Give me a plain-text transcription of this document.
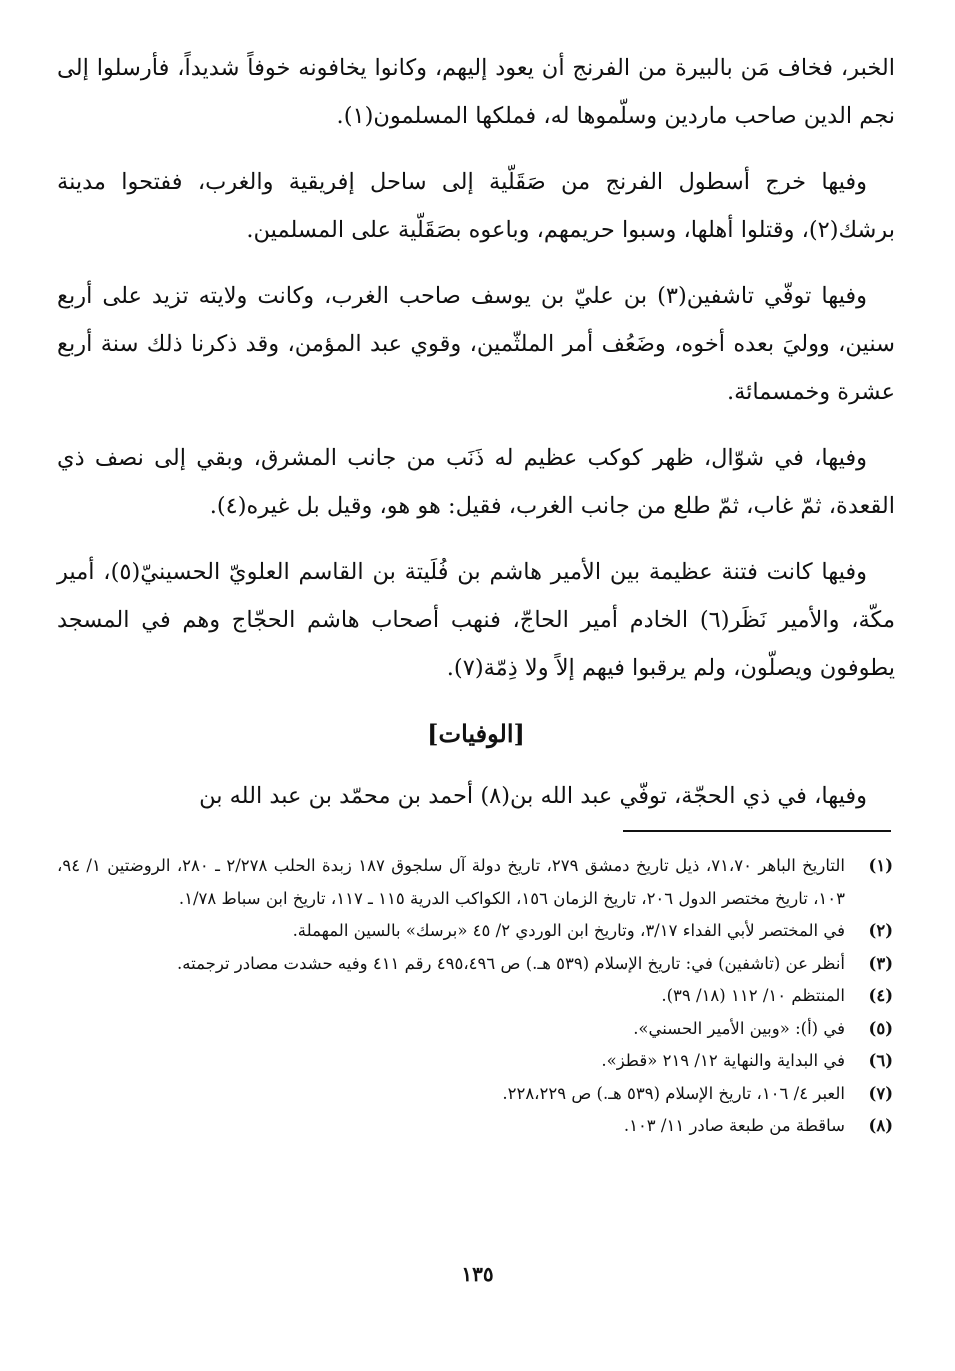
الخبر، فخاف مَن بالبيرة من الفرنج أن يعود إليهم، وكانوا يخافونه خوفاً شديداً، فأرسلوا إلى نجم الدين صاحب ماردين وسلّموها له، فملكها المسلمون(١).

وفيها خرج أسطول الفرنج من صَقَلّية إلى ساحل إفريقية والغرب، ففتحوا مدينة برشك(٢)، وقتلوا أهلها، وسبوا حريمهم، وباعوه بصَقَلّية على المسلمين.

وفيها توفّي تاشفين(٣) بن عليّ بن يوسف صاحب الغرب، وكانت ولايته تزيد على أربع سنين، ووليَ بعده أخوه، وضَعُف أمر الملثّمين، وقوي عبد المؤمن، وقد ذكرنا ذلك سنة أربع عشرة وخمسمائة.

وفيها، في شوّال، ظهر كوكب عظيم له ذَنَب من جانب المشرق، وبقي إلى نصف ذي القعدة، ثمّ غاب، ثمّ طلع من جانب الغرب، فقيل: هو هو، وقيل بل غيره(٤).

وفيها كانت فتنة عظيمة بين الأمير هاشم بن فُلَيتة بن القاسم العلويّ الحسينيّ(٥)، أمير مكّة، والأمير نَظَر(٦) الخادم أمير الحاجّ، فنهب أصحاب هاشم الحجّاج وهم في المسجد يطوفون ويصلّون، ولم يرقبوا فيهم إلاً ولا ذِمّة(٧).

[الوفيات]

وفيها، في ذي الحجّة، توفّي عبد الله بن(٨) أحمد بن محمّد بن عبد الله بن

(١)
التاريخ الباهر ٧١،٧٠، ذيل تاريخ دمشق ٢٧٩، تاريخ دولة آل سلجوق ١٨٧ زبدة الحلب ٢/٢٧٨ ـ ٢٨٠، الروضتين ١/ ٩٤، ١٠٣، تاريخ مختصر الدول ٢٠٦، تاريخ الزمان ١٥٦، الكواكب الدرية ١١٥ ـ ١١٧، تاريخ ابن سباط ١/٧٨.
(٢)
في المختصر لأبي الفداء ٣/١٧، وتاريخ ابن الوردي ٢/ ٤٥ «برسك» بالسين المهملة.
(٣)
أنظر عن (تاشفين) في: تاريخ الإسلام (٥٣٩ هـ.) ص ٤٩٥،٤٩٦ رقم ٤١١ وفيه حشدت مصادر ترجمته.
(٤)
المنتظم ١٠/ ١١٢ (١٨/ ٣٩).
(٥)
في (أ): «وبين الأمير الحسني».
(٦)
في البداية والنهاية ١٢/ ٢١٩ «قطز».
(٧)
العبر ٤/ ١٠٦، تاريخ الإسلام (٥٣٩ هـ.) ص ٢٢٨،٢٢٩.
(٨)
ساقطة من طبعة صادر ١١/ ١٠٣.
١٣٥
